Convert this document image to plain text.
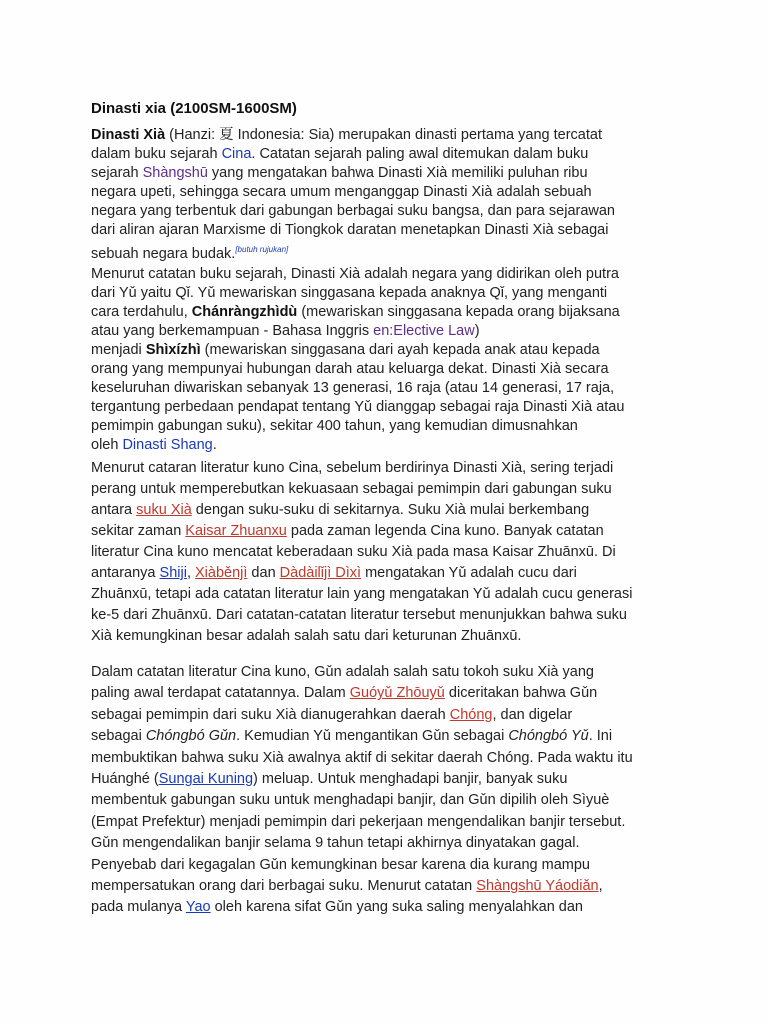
Dinasti xia (2100SM-1600SM)
Dinasti Xià (Hanzi: 夏 Indonesia: Sia) merupakan dinasti pertama yang tercatat
dalam buku sejarah Cina. Catatan sejarah paling awal ditemukan dalam buku
sejarah Shàngshū yang mengatakan bahwa Dinasti Xià memiliki puluhan ribu
negara upeti, sehingga secara umum menganggap Dinasti Xià adalah sebuah
negara yang terbentuk dari gabungan berbagai suku bangsa, dan para sejarawan
dari aliran ajaran Marxisme di Tiongkok daratan menetapkan Dinasti Xià sebagai
sebuah negara budak.[butuh rujukan]
Menurut catatan buku sejarah, Dinasti Xià adalah negara yang didirikan oleh putra
dari Yǔ yaitu Qǐ. Yǔ mewariskan singgasana kepada anaknya Qǐ, yang menganti
cara terdahulu, Chánràngzhìdù (mewariskan singgasana kepada orang bijaksana
atau yang berkemampuan - Bahasa Inggris en:Elective Law)
menjadi Shìxízhì (mewariskan singgasana dari ayah kepada anak atau kepada
orang yang mempunyai hubungan darah atau keluarga dekat. Dinasti Xià secara
keseluruhan diwariskan sebanyak 13 generasi, 16 raja (atau 14 generasi, 17 raja,
tergantung perbedaan pendapat tentang Yǔ dianggap sebagai raja Dinasti Xià atau
pemimpin gabungan suku), sekitar 400 tahun, yang kemudian dimusnahkan
oleh Dinasti Shang.
Menurut cataran literatur kuno Cina, sebelum berdirinya Dinasti Xià, sering terjadi
perang untuk memperebutkan kekuasaan sebagai pemimpin dari gabungan suku
antara suku Xià dengan suku-suku di sekitarnya. Suku Xià mulai berkembang
sekitar zaman Kaisar Zhuanxu pada zaman legenda Cina kuno. Banyak catatan
literatur Cina kuno mencatat keberadaan suku Xià pada masa Kaisar Zhuānxū. Di
antaranya Shiji, Xiàběnjì dan Dàdàilǐjì Dìxì mengatakan Yǔ adalah cucu dari
Zhuānxū, tetapi ada catatan literatur lain yang mengatakan Yǔ adalah cucu generasi
ke-5 dari Zhuānxū. Dari catatan-catatan literatur tersebut menunjukkan bahwa suku
Xià kemungkinan besar adalah salah satu dari keturunan Zhuānxū.
Dalam catatan literatur Cina kuno, Gǔn adalah salah satu tokoh suku Xià yang
paling awal terdapat catatannya. Dalam Guóyǔ Zhōuyǔ diceritakan bahwa Gǔn
sebagai pemimpin dari suku Xià dianugerahkan daerah Chóng, dan digelar
sebagai Chóngbó Gǔn. Kemudian Yǔ mengantikan Gǔn sebagai Chóngbó Yǔ. Ini
membuktikan bahwa suku Xià awalnya aktif di sekitar daerah Chóng. Pada waktu itu
Huánghé (Sungai Kuning) meluap. Untuk menghadapi banjir, banyak suku
membentuk gabungan suku untuk menghadapi banjir, dan Gǔn dipilih oleh Sìyuè
(Empat Prefektur) menjadi pemimpin dari pekerjaan mengendalikan banjir tersebut.
Gǔn mengendalikan banjir selama 9 tahun tetapi akhirnya dinyatakan gagal.
Penyebab dari kegagalan Gǔn kemungkinan besar karena dia kurang mampu
mempersatukan orang dari berbagai suku. Menurut catatan Shàngshū Yáodiǎn,
pada mulanya Yao oleh karena sifat Gǔn yang suka saling menyalahkan dan
